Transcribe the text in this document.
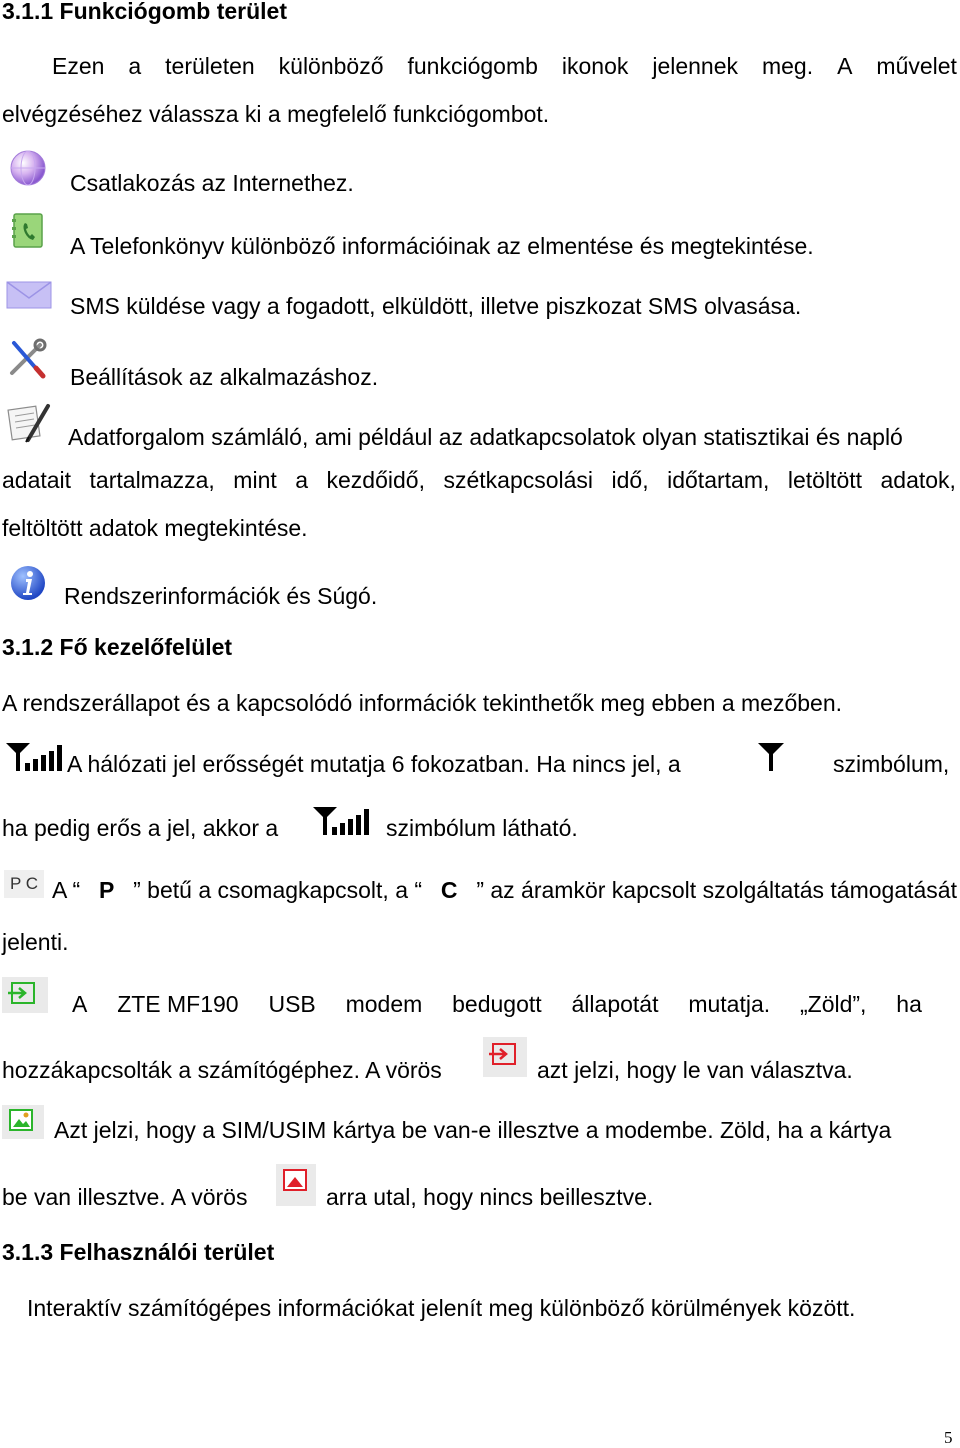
3.1.1 Funkciógomb terület
Ezen a területen különböző funkciógomb ikonok jelennek meg. A művelet
elvégzéséhez válassza ki a megfelelő funkciógombot.
Csatlakozás az Internethez.
A Telefonkönyv különböző információinak az elmentése és megtekintése.
SMS küldése vagy a fogadott, elküldött, illetve piszkozat SMS olvasása.
Beállítások az alkalmazáshoz.
Adatforgalom számláló, ami például az adatkapcsolatok olyan statisztikai és napló
adatait tartalmazza, mint a kezdőidő, szétkapcsolási idő, időtartam, letöltött adatok,
feltöltött adatok megtekintése.
Rendszerinformációk és Súgó.
3.1.2 Fő kezelőfelület
A rendszerállapot és a kapcsolódó információk tekinthetők meg ebben a mezőben.
A hálózati jel erősségét mutatja 6 fokozatban. Ha nincs jel, a	szimbólum,
ha pedig erős a jel, akkor a	szimbólum látható.
P C A “ P ” betű a csomagkapcsolt, a “ C ” az áramkör kapcsolt szolgáltatás támogatását
jelenti.
A ZTE MF190 USB modem bedugott állapotát mutatja. „Zöld”, ha
hozzákapcsolták a számítógéphez. A vörös	azt jelzi, hogy le van választva.
Azt jelzi, hogy a SIM/USIM kártya be van-e illesztve a modembe. Zöld, ha a kártya
be van illesztve. A vörös	arra utal, hogy nincs beillesztve.
3.1.3 Felhasználói terület
Interaktív számítógépes információkat jelenít meg különböző körülmények között.
5
